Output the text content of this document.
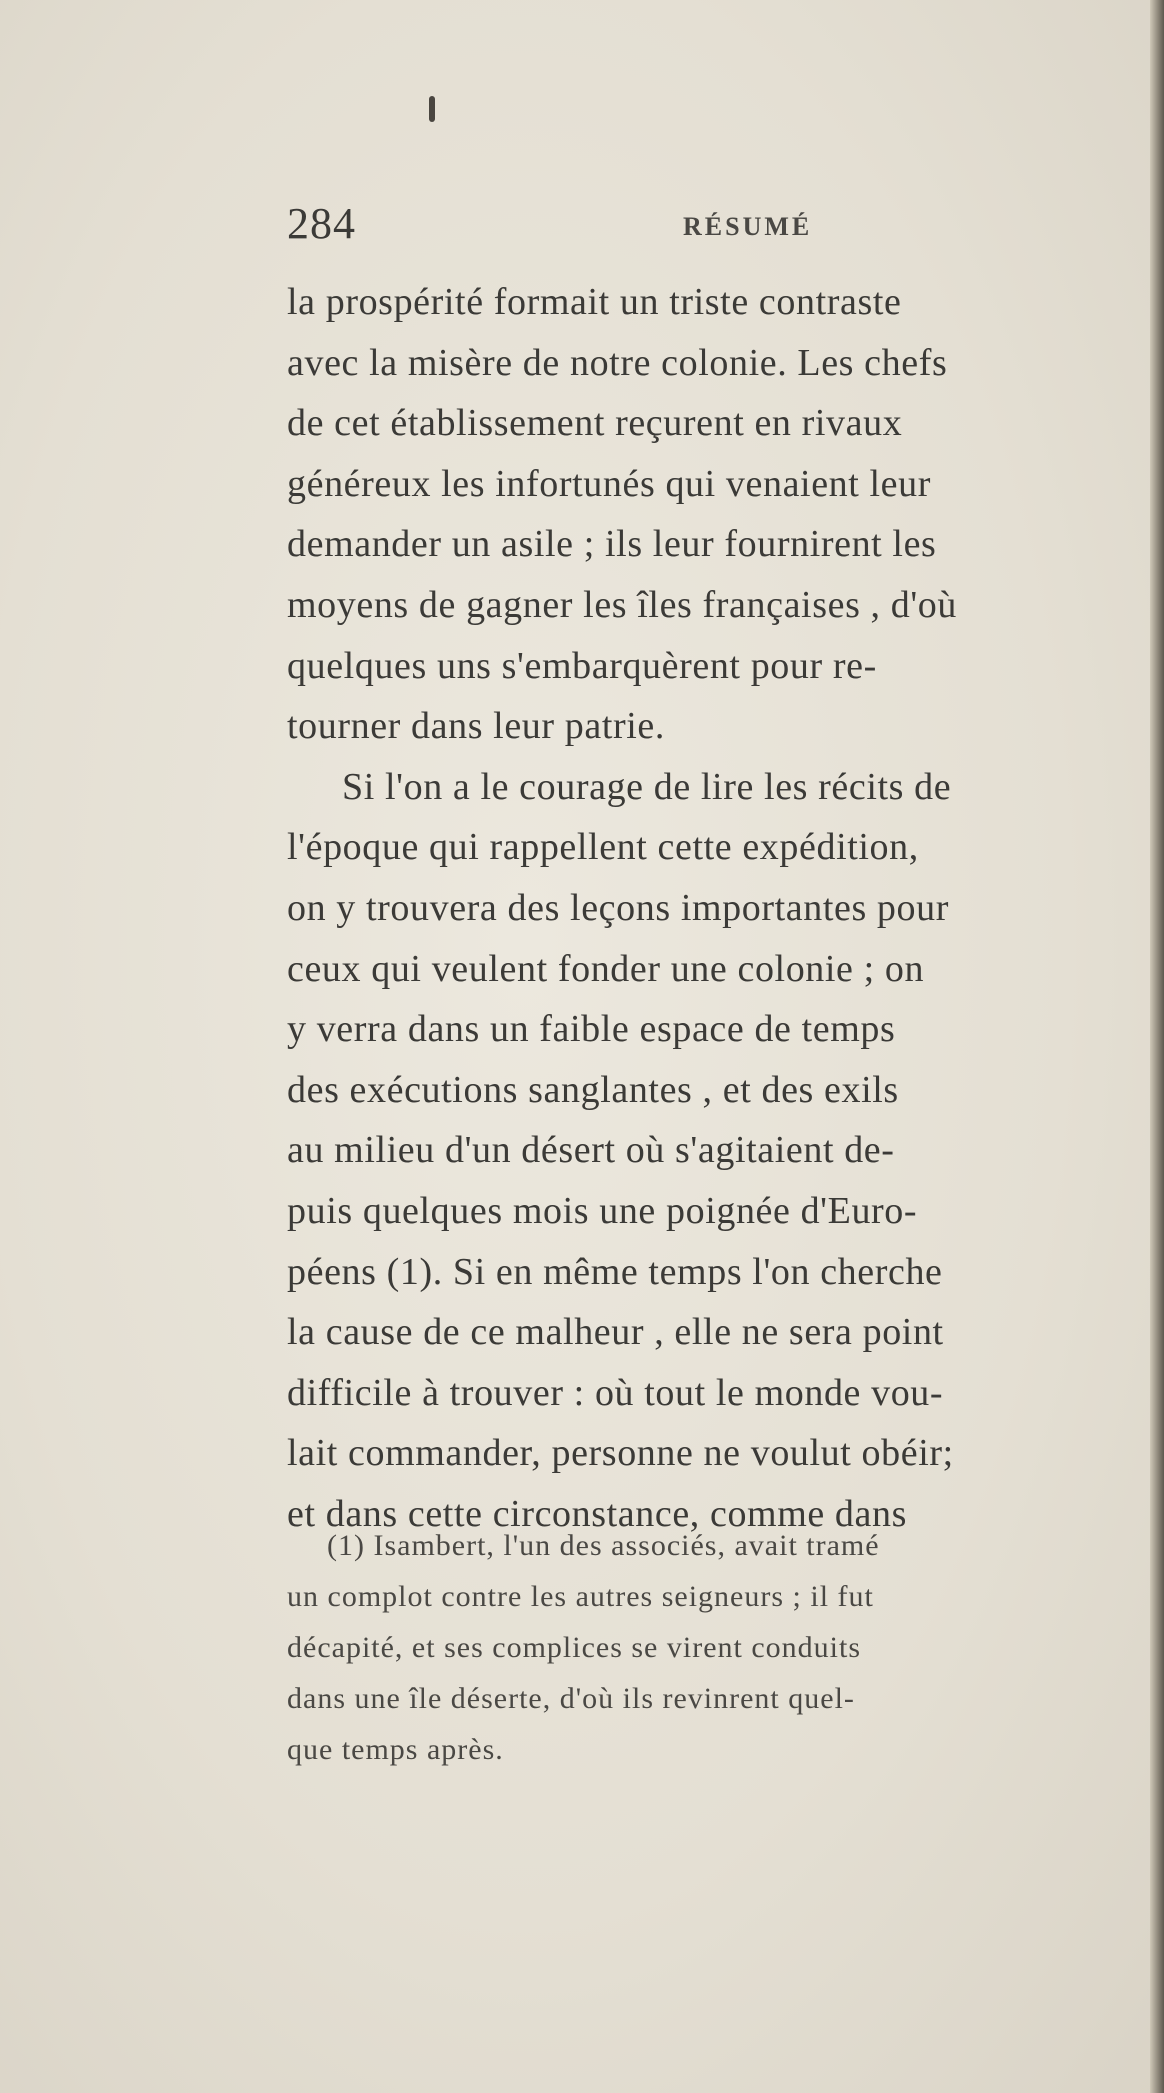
284	RÉSUMÉ
la prospérité formait un triste contraste
avec la misère de notre colonie. Les chefs
de cet établissement reçurent en rivaux
généreux les infortunés qui venaient leur
demander un asile ; ils leur fournirent les
moyens de gagner les îles françaises , d'où
quelques uns s'embarquèrent pour re-
tourner dans leur patrie.
Si l'on a le courage de lire les récits de
l'époque qui rappellent cette expédition,
on y trouvera des leçons importantes pour
ceux qui veulent fonder une colonie ; on
y verra dans un faible espace de temps
des exécutions sanglantes , et des exils
au milieu d'un désert où s'agitaient de-
puis quelques mois une poignée d'Euro-
péens (1). Si en même temps l'on cherche
la cause de ce malheur , elle ne sera point
difficile à trouver : où tout le monde vou-
lait commander, personne ne voulut obéir;
et dans cette circonstance, comme dans
(1) Isambert, l'un des associés, avait tramé
un complot contre les autres seigneurs ; il fut
décapité, et ses complices se virent conduits
dans une île déserte, d'où ils revinrent quel-
que temps après.
